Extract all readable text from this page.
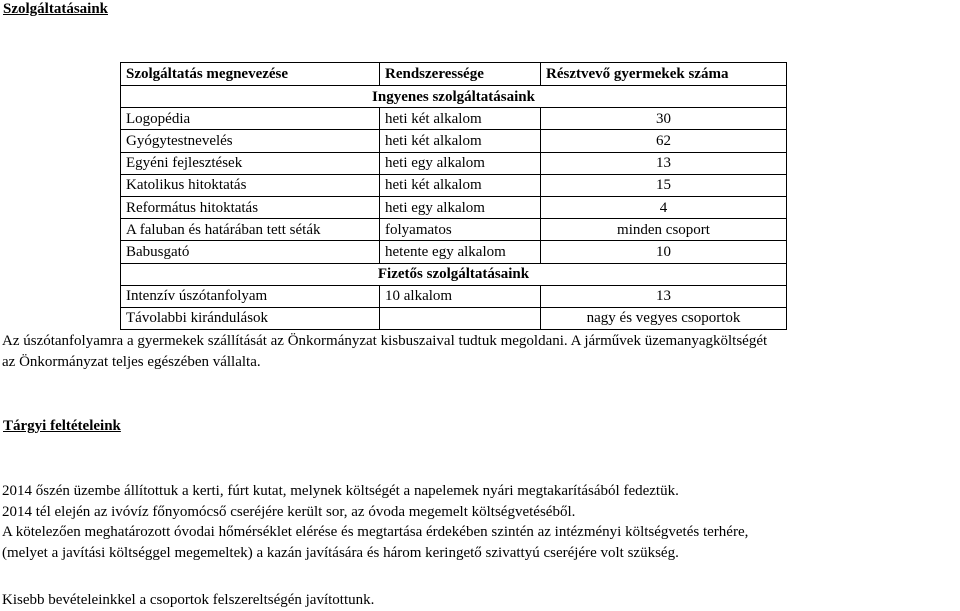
Szolgáltatásaink
Szolgáltatás megnevezése	Rendszeressége	Résztvevő gyermekek száma
Ingyenes szolgáltatásaink		
Logopédia	heti két alkalom	30
Gyógytestnevelés	heti két alkalom	62
Egyéni fejlesztések	heti egy alkalom	13
Katolikus hitoktatás	heti két alkalom	15
Református hitoktatás	heti egy alkalom	4
A faluban és határában tett séták	folyamatos	minden csoport
Babusgató	hetente egy alkalom	10
Fizetős szolgáltatásaink		
Intenzív úszótanfolyam	10 alkalom	13
Távolabbi kirándulások		nagy és vegyes csoportok

Az úszótanfolyamra a gyermekek szállítását az Önkormányzat kisbuszaival tudtuk megoldani. A járművek üzemanyagköltségét
az Önkormányzat teljes egészében vállalta.

Tárgyi feltételeink

2014 őszén üzembe állítottuk a kerti, fúrt kutat, melynek költségét a napelemek nyári megtakarításából fedeztük.
2014 tél elején az ivóvíz főnyomócső cseréjére került sor, az óvoda megemelt költségvetéséből.
A kötelezően meghatározott óvodai hőmérséklet elérése és megtartása érdekében szintén az intézményi költségvetés terhére,
(melyet a javítási költséggel megemeltek) a kazán javítására és három keringető szivattyú cseréjére volt szükség.

Kisebb bevételeinkkel a csoportok felszereltségén javítottunk.
